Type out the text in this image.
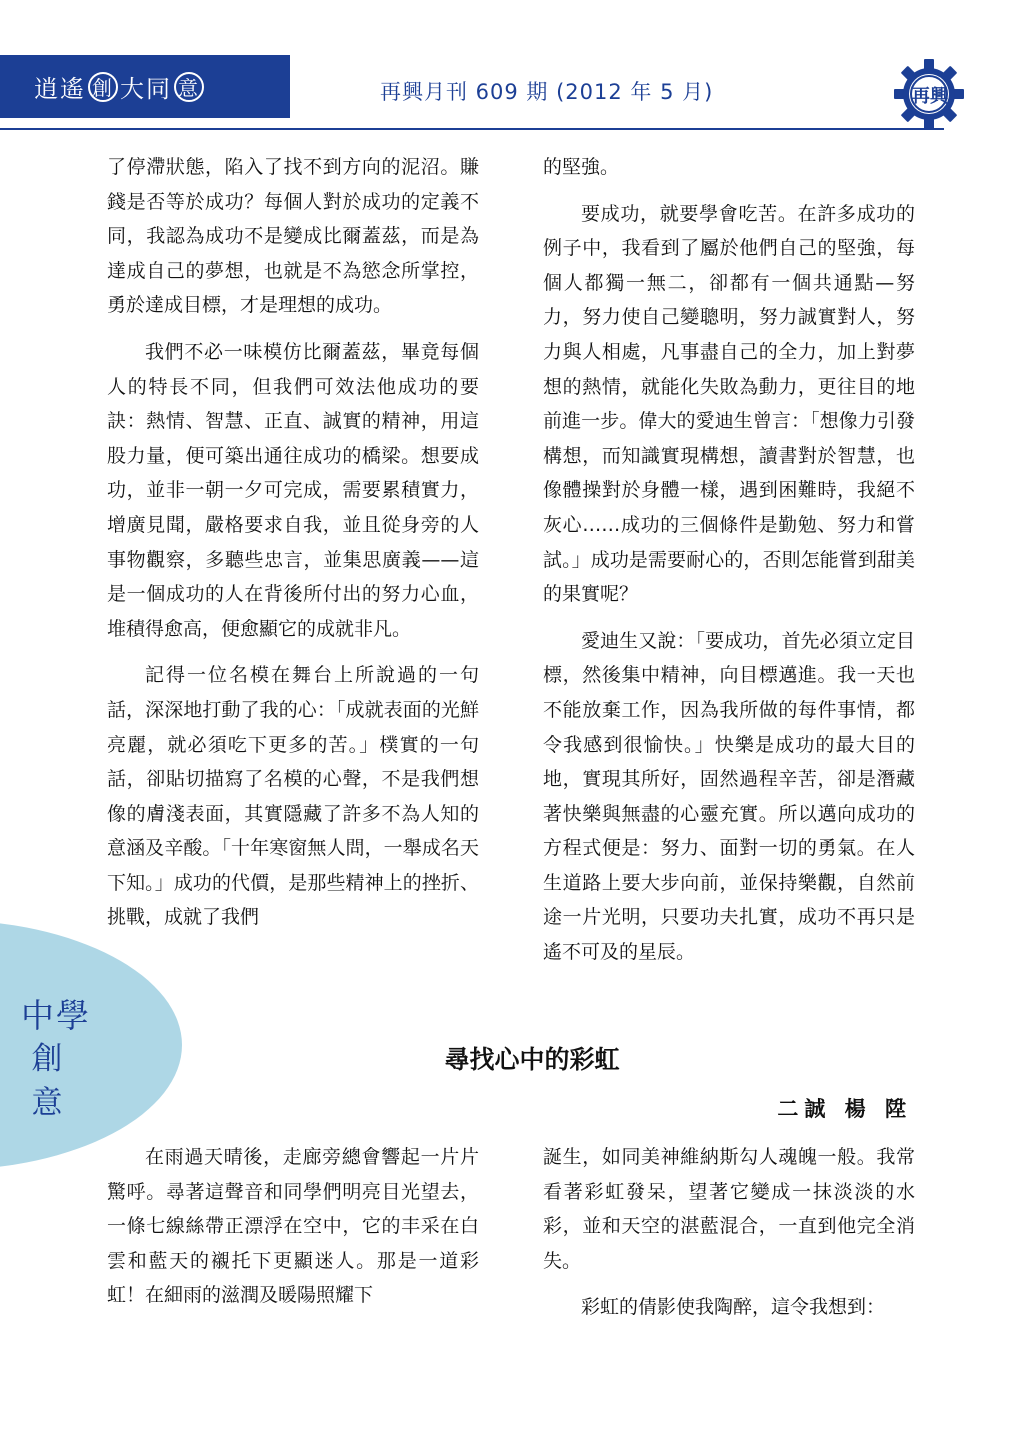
逍遙 創 大同 意	再興月刊 609 期 (2012 年 5 月)	再興
中學
創
意

了停滯狀態，陷入了找不到方向的泥沼。賺錢是否等於成功？每個人對於成功的定義不同，我認為成功不是變成比爾蓋茲，而是為達成自己的夢想，也就是不為慾念所掌控，勇於達成目標，才是理想的成功。

我們不必一味模仿比爾蓋茲，畢竟每個人的特長不同，但我們可效法他成功的要訣：熱情、智慧、正直、誠實的精神，用這股力量，便可築出通往成功的橋梁。想要成功，並非一朝一夕可完成，需要累積實力，增廣見聞，嚴格要求自我，並且從身旁的人事物觀察，多聽些忠言，並集思廣義——這是一個成功的人在背後所付出的努力心血，堆積得愈高，便愈顯它的成就非凡。

記得一位名模在舞台上所說過的一句話，深深地打動了我的心：「成就表面的光鮮亮麗，就必須吃下更多的苦。」樸實的一句話，卻貼切描寫了名模的心聲，不是我們想像的膚淺表面，其實隱藏了許多不為人知的意涵及辛酸。「十年寒窗無人問，一舉成名天下知。」成功的代價，是那些精神上的挫折、挑戰，成就了我們

的堅強。

要成功，就要學會吃苦。在許多成功的例子中，我看到了屬於他們自己的堅強，每個人都獨一無二，卻都有一個共通點—努力，努力使自己變聰明，努力誠實對人，努力與人相處，凡事盡自己的全力，加上對夢想的熱情，就能化失敗為動力，更往目的地前進一步。偉大的愛迪生曾言：「想像力引發構想，而知識實現構想，讀書對於智慧，也像體操對於身體一樣，遇到困難時，我絕不灰心……成功的三個條件是勤勉、努力和嘗試。」成功是需要耐心的，否則怎能嘗到甜美的果實呢？

愛迪生又說：「要成功，首先必須立定目標，然後集中精神，向目標邁進。我一天也不能放棄工作，因為我所做的每件事情，都令我感到很愉快。」快樂是成功的最大目的地，實現其所好，固然過程辛苦，卻是潛藏著快樂與無盡的心靈充實。所以邁向成功的方程式便是：努力、面對一切的勇氣。在人生道路上要大步向前，並保持樂觀，自然前途一片光明，只要功夫扎實，成功不再只是遙不可及的星辰。

尋找心中的彩虹
二誠 楊 陞

在雨過天晴後，走廊旁總會響起一片片驚呼。尋著這聲音和同學們明亮目光望去，一條七線絲帶正漂浮在空中，它的丰采在白雲和藍天的襯托下更顯迷人。那是一道彩虹！在細雨的滋潤及暖陽照耀下

誕生，如同美神維納斯勾人魂魄一般。我常看著彩虹發呆，望著它變成一抹淡淡的水彩，並和天空的湛藍混合，一直到他完全消失。

彩虹的倩影使我陶醉，這令我想到：
